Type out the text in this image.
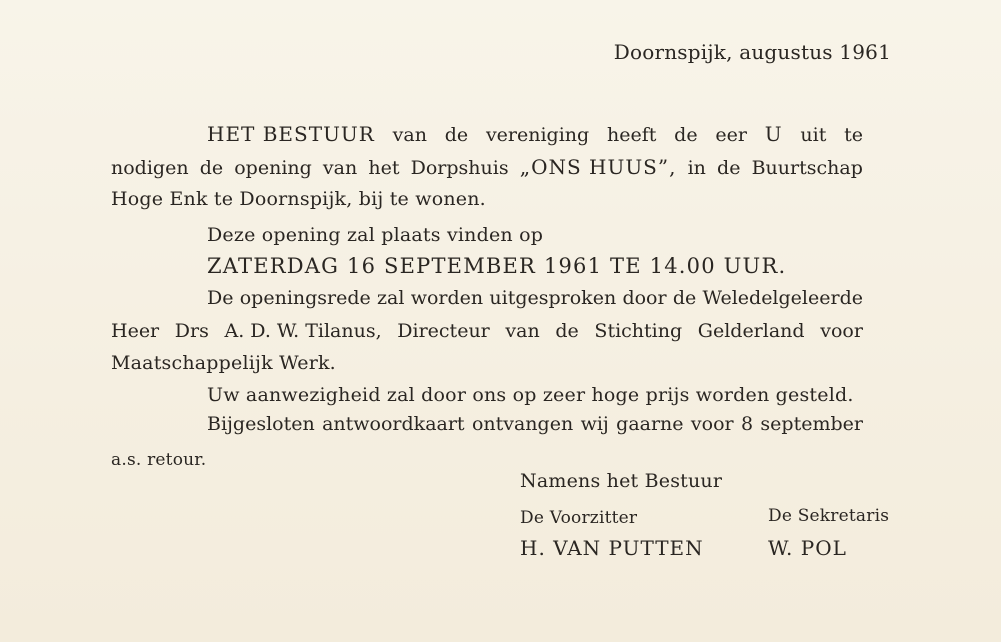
Doornspijk, augustus 1961
HET BESTUUR van de vereniging heeft de eer U uit te
nodigen de opening van het Dorpshuis „ONS HUUS”, in de Buurtschap
Hoge Enk te Doornspijk, bij te wonen.
Deze opening zal plaats vinden op
ZATERDAG 16 SEPTEMBER 1961 TE 14.00 UUR.
De openingsrede zal worden uitgesproken door de Weledelgeleerde
Heer Drs A. D. W. Tilanus, Directeur van de Stichting Gelderland voor
Maatschappelijk Werk.
Uw aanwezigheid zal door ons op zeer hoge prijs worden gesteld.
Bijgesloten antwoordkaart ontvangen wij gaarne voor 8 september
a.s. retour.
Namens het Bestuur
De Voorzitter	De Sekretaris
H. VAN PUTTEN	W. POL
